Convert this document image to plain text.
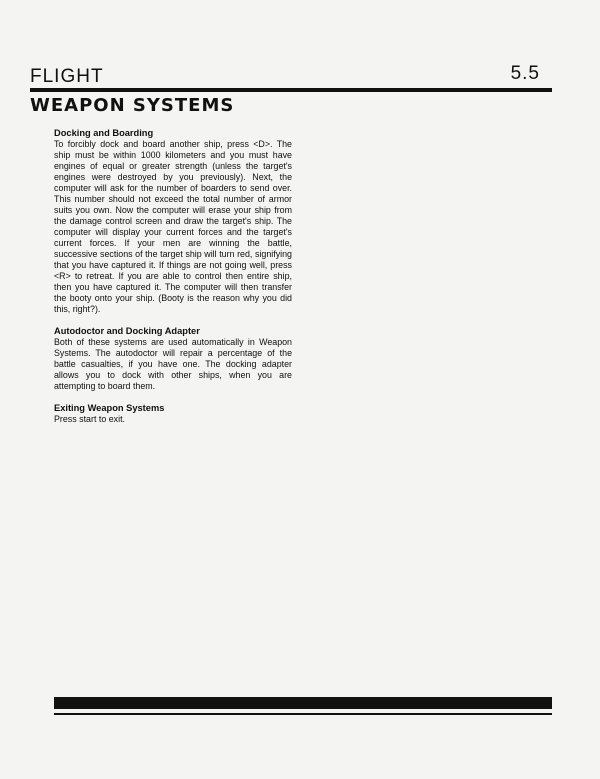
FLIGHT	5.5
WEAPON SYSTEMS

Docking and Boarding

To forcibly dock and board another ship, press <D>. The ship must be within 1000 kilometers and you must have engines of equal or greater strength (unless the target's engines were destroyed by you previously). Next, the computer will ask for the number of boarders to send over. This number should not exceed the total number of armor suits you own. Now the computer will erase your ship from the damage control screen and draw the target's ship. The computer will display your current forces and the target's current forces. If your men are winning the battle, successive sections of the target ship will turn red, signifying that you have captured it. If things are not going well, press <R> to retreat. If you are able to control then entire ship, then you have captured it. The computer will then transfer the booty onto your ship. (Booty is the reason why you did this, right?).

Autodoctor and Docking Adapter

Both of these systems are used automatically in Weapon Systems. The autodoctor will repair a percentage of the battle casualties, if you have one. The docking adapter allows you to dock with other ships, when you are attempting to board them.

Exiting Weapon Systems

Press start to exit.
